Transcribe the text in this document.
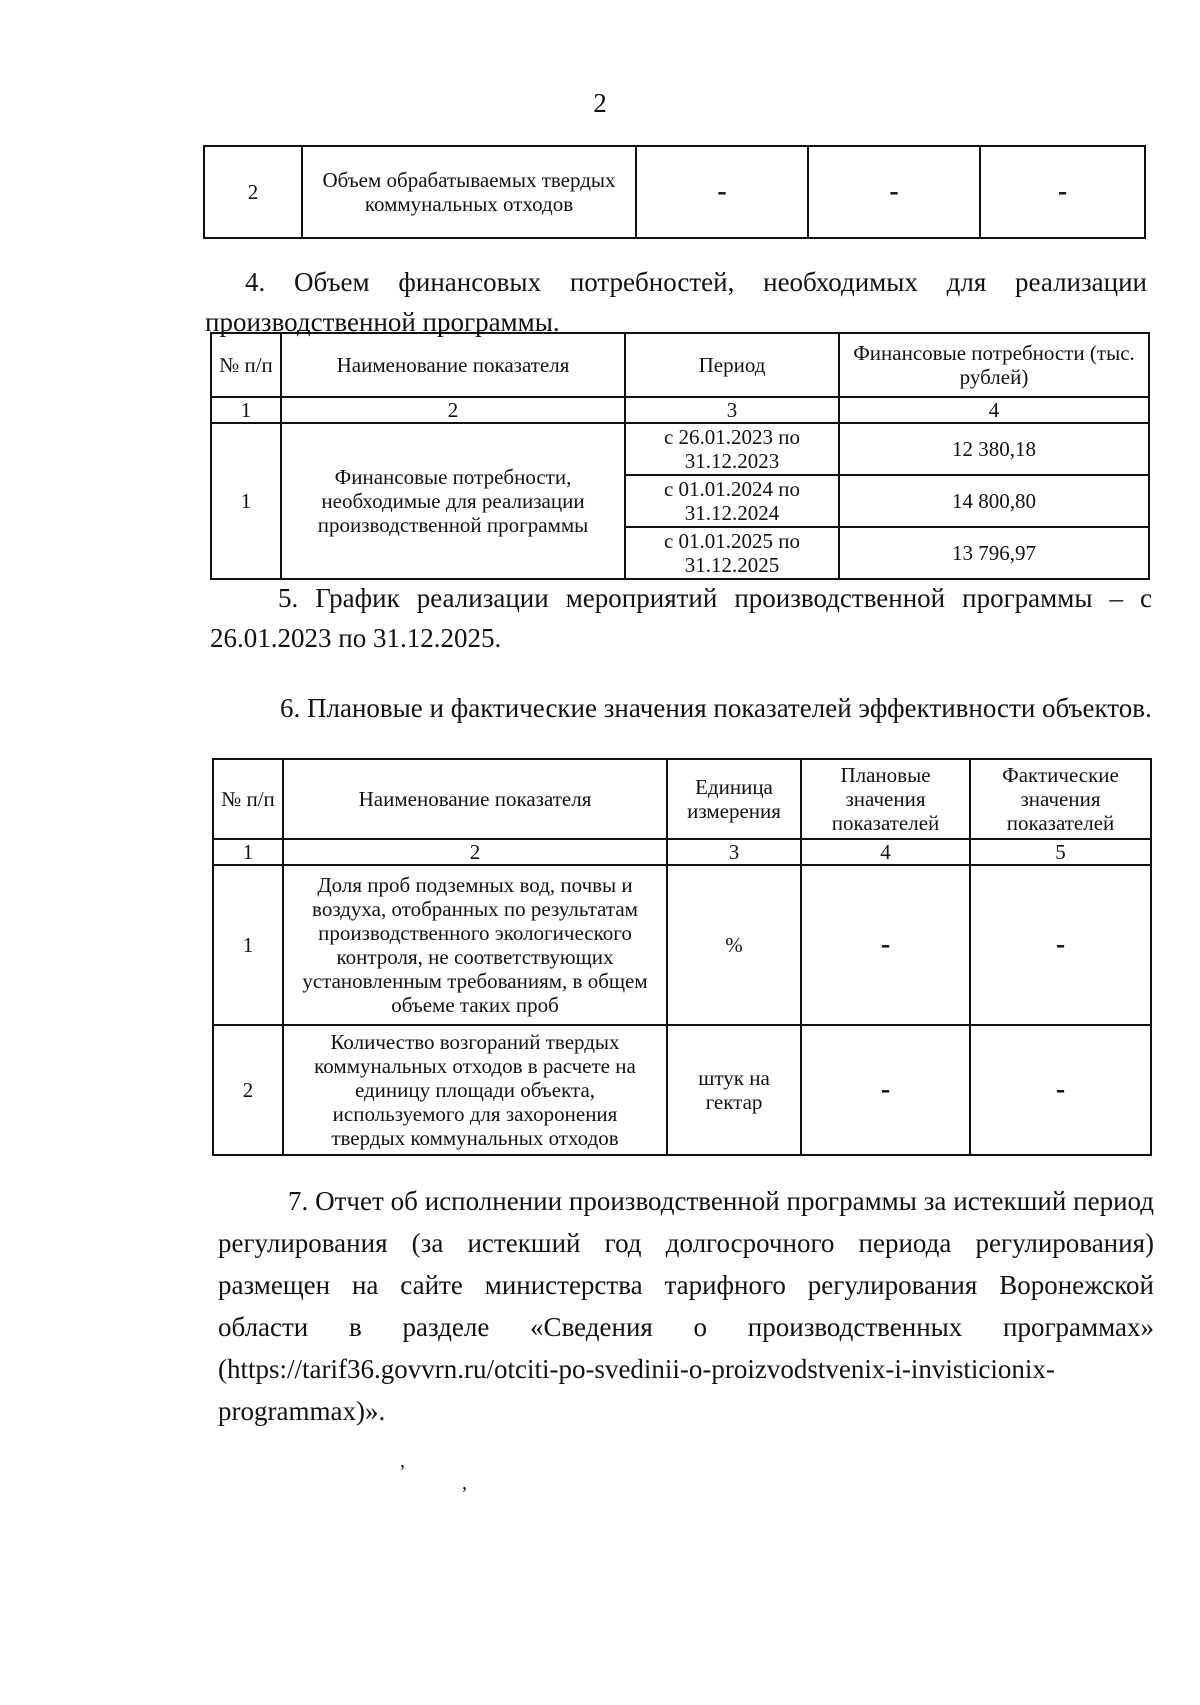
2
2	Объем обрабатываемых твердых коммунальных отходов	-	-	-

4. Объем финансовых потребностей, необходимых для реализации производственной программы.

№ п/п	Наименование показателя	Период	Финансовые потребности (тыс. рублей)
1	2	3	4
1	Финансовые потребности, необходимые для реализации производственной программы	с 26.01.2023 по 31.12.2023	12 380,18
		с 01.01.2024 по 31.12.2024	14 800,80
		с 01.01.2025 по 31.12.2025	13 796,97

5. График реализации мероприятий производственной программы – с 26.01.2023 по 31.12.2025.

6. Плановые и фактические значения показателей эффективности объектов.

№ п/п	Наименование показателя	Единица измерения	Плановые значения показателей	Фактические значения показателей
1	2	3	4	5
1	Доля проб подземных вод, почвы и воздуха, отобранных по результатам производственного экологического контроля, не соответствующих установленным требованиям, в общем объеме таких проб	%	-	-
2	Количество возгораний твердых коммунальных отходов в расчете на единицу площади объекта, используемого для захоронения твердых коммунальных отходов	штук на гектар	-	-

7. Отчет об исполнении производственной программы за истекший период регулирования (за истекший год долгосрочного периода регулирования) размещен на сайте министерства тарифного регулирования Воронежской области в разделе «Сведения о производственных программах» (https://tarif36.govvrn.ru/otciti-po-svedinii-o-proizvodstvenix-i-invisticionix-programmax)».

,
,
